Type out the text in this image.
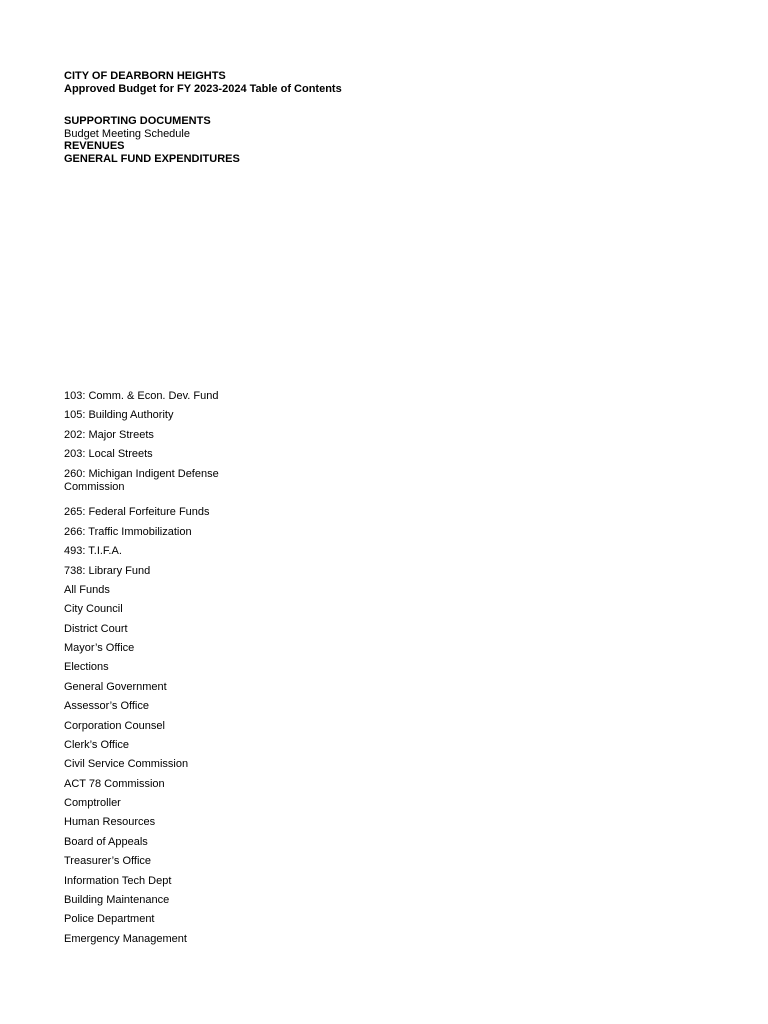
CITY OF DEARBORN HEIGHTS
Approved Budget for FY 2023-2024 Table of Contents
SUPPORTING DOCUMENTS
Budget Meeting Schedule
REVENUES
GENERAL FUND EXPENDITURES
103: Comm. & Econ. Dev. Fund
105: Building Authority
202: Major Streets
203: Local Streets
260: Michigan Indigent Defense Commission
265: Federal Forfeiture Funds
266: Traffic Immobilization
493: T.I.F.A.
738: Library Fund
All Funds
City Council
District Court
Mayor’s Office
Elections
General Government
Assessor’s Office
Corporation Counsel
Clerk’s Office
Civil Service Commission
ACT 78 Commission
Comptroller
Human Resources
Board of Appeals
Treasurer’s Office
Information Tech Dept
Building Maintenance
Police Department
Emergency Management
